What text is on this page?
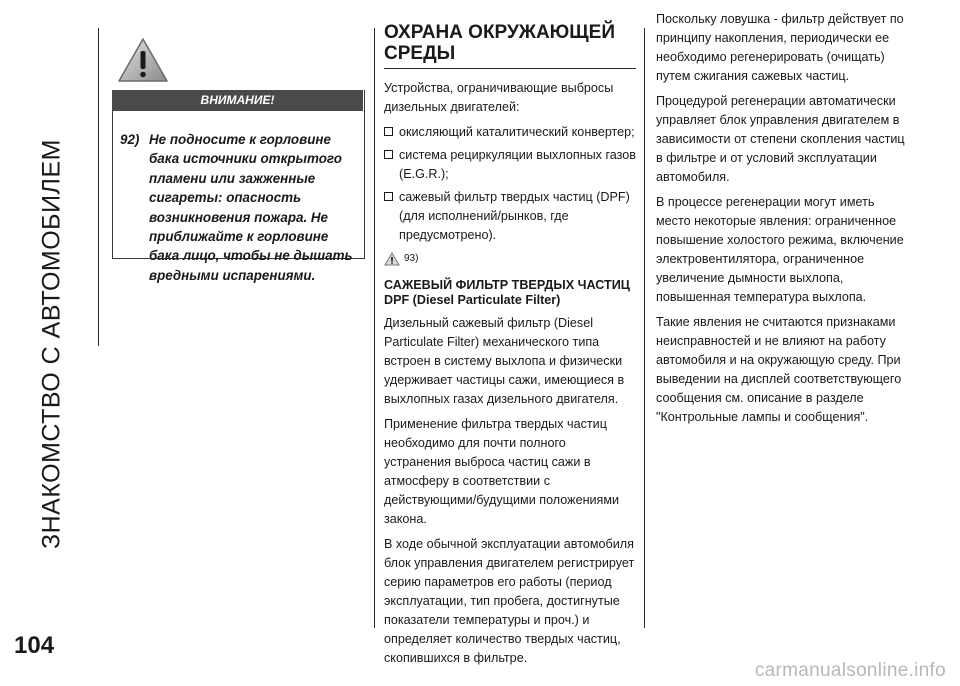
ЗНАКОМСТВО С АВТОМОБИЛЕМ
ВНИМАНИЕ!
92) Не подносите к горловине бака источники открытого пламени или зажженные сигареты: опасность возникновения пожара. Не приближайте к горловине бака лицо, чтобы не дышать вредными испарениями.
ОХРАНА ОКРУЖАЮЩЕЙ
СРЕДЫ

Устройства, ограничивающие выбросы дизельных двигателей:

окисляющий каталитический конвертер;
система рециркуляции выхлопных газов (E.G.R.);
сажевый фильтр твердых частиц (DPF) (для исполнений/рынков, где предусмотрено).
93)
САЖЕВЫЙ ФИЛЬТР ТВЕРДЫХ ЧАСТИЦ
DPF (Diesel Particulate Filter)

Дизельный сажевый фильтр (Diesel Particulate Filter) механического типа встроен в систему выхлопа и физически удерживает частицы сажи, имеющиеся в выхлопных газах дизельного двигателя.

Применение фильтра твердых частиц необходимо для почти полного устранения выброса частиц сажи в атмосферу в соответствии с действующими/будущими положениями закона.

В ходе обычной эксплуатации автомобиля блок управления двигателем регистрирует серию параметров его работы (период эксплуатации, тип пробега, достигнутые показатели температуры и проч.) и определяет количество твердых частиц, скопившихся в фильтре.

Поскольку ловушка - фильтр действует по принципу накопления, периодически ее необходимо регенерировать (очищать) путем сжигания сажевых частиц.

Процедурой регенерации автоматически управляет блок управления двигателем в зависимости от степени скопления частиц в фильтре и от условий эксплуатации автомобиля.

В процессе регенерации могут иметь место некоторые явления: ограниченное повышение холостого режима, включение электровентилятора, ограниченное увеличение дымности выхлопа, повышенная температура выхлопа.

Такие явления не считаются признаками неисправностей и не влияют на работу автомобиля и на окружающую среду. При выведении на дисплей соответствующего сообщения см. описание в разделе "Контрольные лампы и сообщения".

104
carmanualsonline.info
